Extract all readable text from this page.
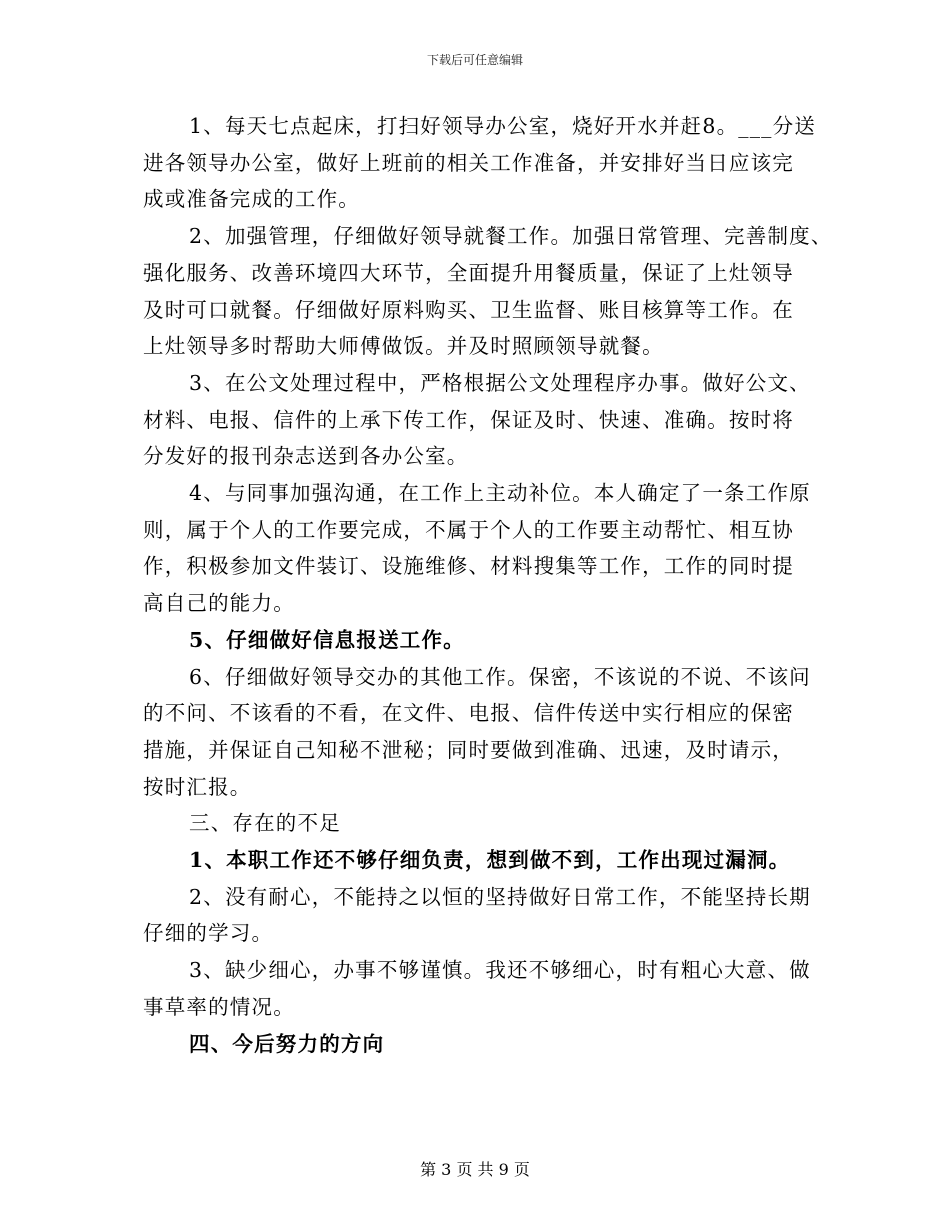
下载后可任意编辑

1、每天七点起床，打扫好领导办公室，烧好开水并赶8。___分送
进各领导办公室，做好上班前的相关工作准备，并安排好当日应该完
成或准备完成的工作。

2、加强管理，仔细做好领导就餐工作。加强日常管理、完善制度、
强化服务、改善环境四大环节，全面提升用餐质量，保证了上灶领导
及时可口就餐。仔细做好原料购买、卫生监督、账目核算等工作。在
上灶领导多时帮助大师傅做饭。并及时照顾领导就餐。

3、在公文处理过程中，严格根据公文处理程序办事。做好公文、
材料、电报、信件的上承下传工作，保证及时、快速、准确。按时将
分发好的报刊杂志送到各办公室。

4、与同事加强沟通，在工作上主动补位。本人确定了一条工作原
则，属于个人的工作要完成，不属于个人的工作要主动帮忙、相互协
作，积极参加文件装订、设施维修、材料搜集等工作，工作的同时提
高自己的能力。

5、仔细做好信息报送工作。

6、仔细做好领导交办的其他工作。保密，不该说的不说、不该问
的不问、不该看的不看，在文件、电报、信件传送中实行相应的保密
措施，并保证自己知秘不泄秘；同时要做到准确、迅速，及时请示，
按时汇报。

三、存在的不足

1、本职工作还不够仔细负责，想到做不到，工作出现过漏洞。

2、没有耐心，不能持之以恒的坚持做好日常工作，不能坚持长期
仔细的学习。

3、缺少细心，办事不够谨慎。我还不够细心，时有粗心大意、做
事草率的情况。

四、今后努力的方向

第 3 页 共 9 页
